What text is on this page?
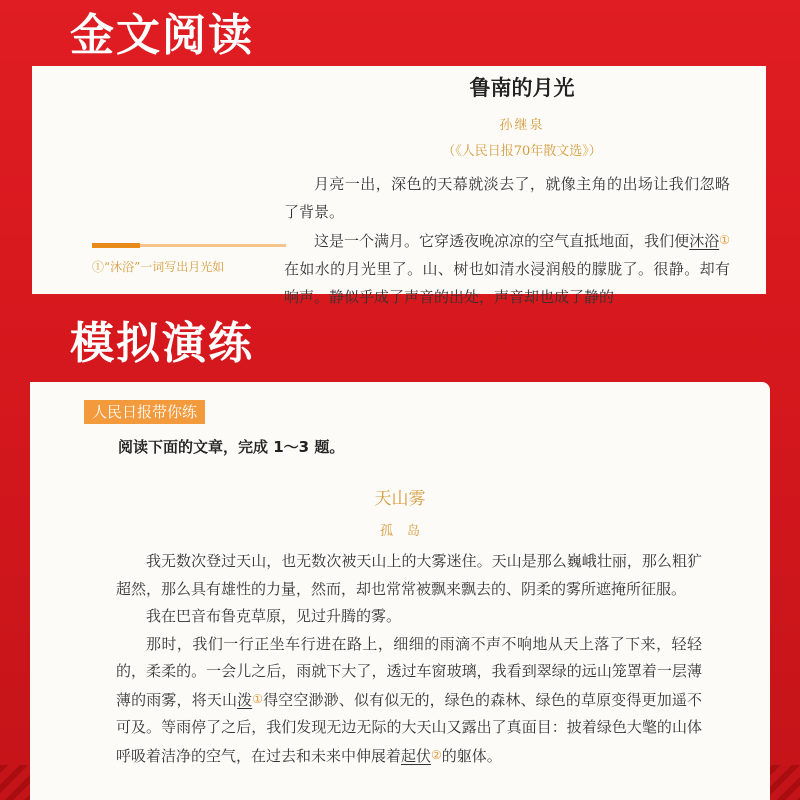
金文阅读
鲁南的月光
孙继泉
（《人民日报70年散文选》）
①“沐浴”一词写出月光如

月亮一出，深色的天幕就淡去了，就像主角的出场让我们忽略了背景。

这是一个满月。它穿透夜晚凉凉的空气直抵地面，我们便沐浴①在如水的月光里了。山、树也如清水浸润般的朦胧了。很静。却有响声。静似乎成了声音的出处，声音却也成了静的

模拟演练
人民日报带你练
阅读下面的文章，完成 1～3 题。
天山雾
孤岛

我无数次登过天山，也无数次被天山上的大雾迷住。天山是那么巍峨壮丽，那么粗犷超然，那么具有雄性的力量，然而，却也常常被飘来飘去的、阴柔的雾所遮掩所征服。

我在巴音布鲁克草原，见过升腾的雾。

那时，我们一行正坐车行进在路上，细细的雨滴不声不响地从天上落了下来，轻轻的，柔柔的。一会儿之后，雨就下大了，透过车窗玻璃，我看到翠绿的远山笼罩着一层薄薄的雨雾，将天山泼①得空空渺渺、似有似无的，绿色的森林、绿色的草原变得更加遥不可及。等雨停了之后，我们发现无边无际的大天山又露出了真面目：披着绿色大氅的山体呼吸着洁净的空气，在过去和未来中伸展着起伏②的躯体。
